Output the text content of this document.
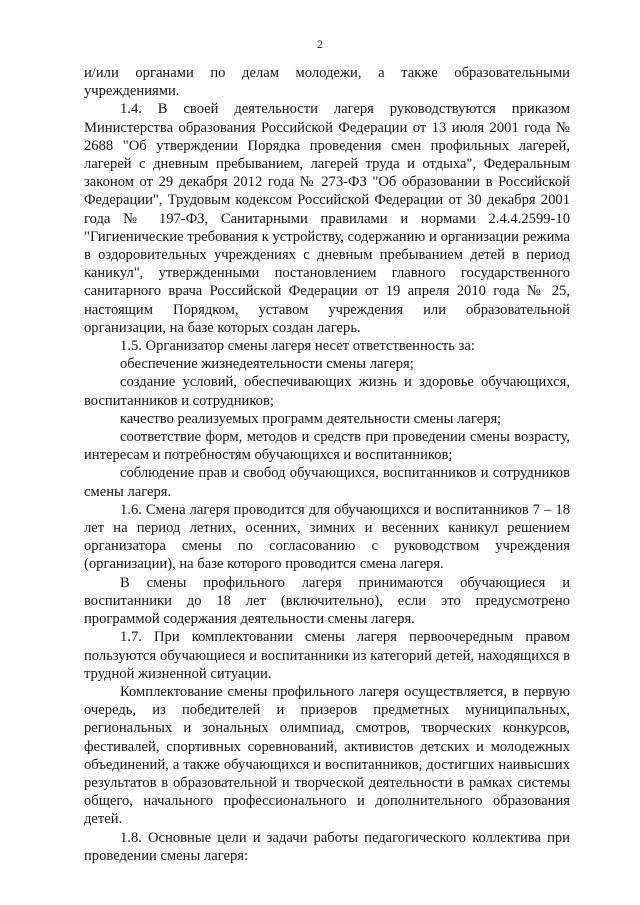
2

и/или органами по делам молодежи, а также образовательными учреждениями.

1.4. В своей деятельности лагеря руководствуются приказом Министерства образования Российской Федерации от 13 июля 2001 года № 2688 "Об утверждении Порядка проведения смен профильных лагерей, лагерей с дневным пребыванием, лагерей труда и отдыха", Федеральным законом от 29 декабря 2012 года № 273-ФЗ "Об образовании в Российской Федерации", Трудовым кодексом Российской Федерации от 30 декабря 2001 года № 197-ФЗ, Санитарными правилами и нормами 2.4.4.2599-10 "Гигиенические требования к устройству, содержанию и организации режима в оздоровительных учреждениях с дневным пребыванием детей в период каникул", утвержденными постановлением главного государственного санитарного врача Российской Федерации от 19 апреля 2010 года № 25, настоящим Порядком, уставом учреждения или образовательной организации, на базе которых создан лагерь.

1.5. Организатор смены лагеря несет ответственность за:

обеспечение жизнедеятельности смены лагеря;

создание условий, обеспечивающих жизнь и здоровье обучающихся, воспитанников и сотрудников;

качество реализуемых программ деятельности смены лагеря;

соответствие форм, методов и средств при проведении смены возрасту, интересам и потребностям обучающихся и воспитанников;

соблюдение прав и свобод обучающихся, воспитанников и сотрудников смены лагеря.

1.6. Смена лагеря проводится для обучающихся и воспитанников 7 – 18 лет на период летних, осенних, зимних и весенних каникул решением организатора смены по согласованию с руководством учреждения (организации), на базе которого проводится смена лагеря.

В смены профильного лагеря принимаются обучающиеся и воспитанники до 18 лет (включительно), если это предусмотрено программой содержания деятельности смены лагеря.

1.7. При комплектовании смены лагеря первоочередным правом пользуются обучающиеся и воспитанники из категорий детей, находящихся в трудной жизненной ситуации.

Комплектование смены профильного лагеря осуществляется, в первую очередь, из победителей и призеров предметных муниципальных, региональных и зональных олимпиад, смотров, творческих конкурсов, фестивалей, спортивных соревнований, активистов детских и молодежных объединений, а также обучающихся и воспитанников, достигших наивысших результатов в образовательной и творческой деятельности в рамках системы общего, начального профессионального и дополнительного образования детей.

1.8. Основные цели и задачи работы педагогического коллектива при проведении смены лагеря:
